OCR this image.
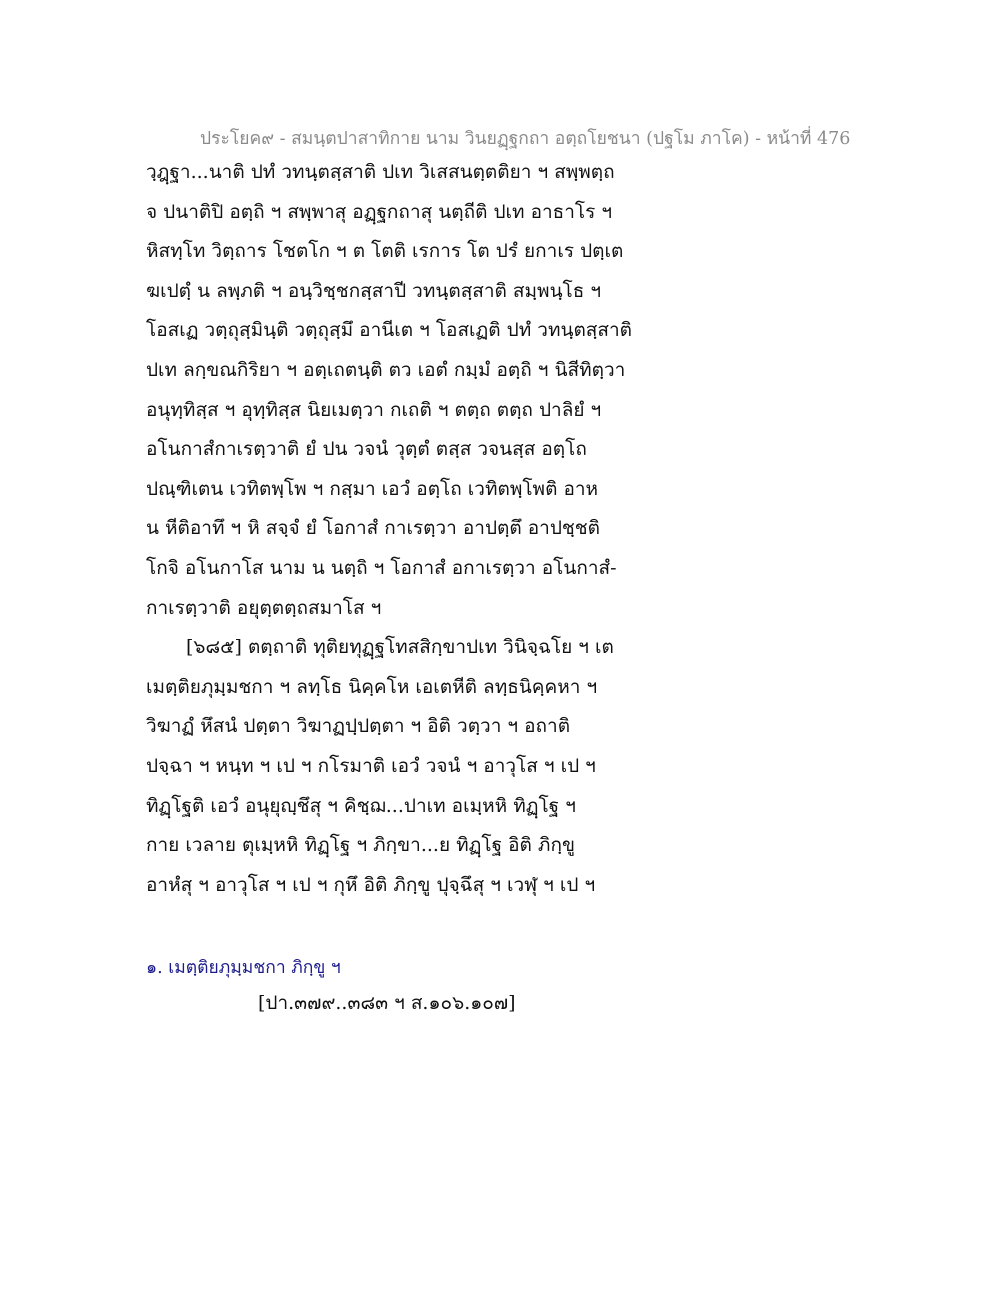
ประโยค๙ - สมนฺตปาสาทิกาย นาม วินยฏฺฐกถา อตฺถโยชนา (ปฐโม ภาโค) - หน้าที่ 476
วฺฎฺฐา...นาติ ปทํ วทนฺตสฺสาติ ปเท วิเสสนตฺตติยา ฯ สพฺพตฺถ
จ ปนาติปิ อตฺถิ ฯ สพฺพาสุ อฏฺฐกถาสุ นตฺถีติ ปเท อาธาโร ฯ
หิสทฺโท วิตฺถาร โชตโก ฯ ต โตติ เรการ โต ปรํ ยกาเร ปตฺเต
ฆเปตฺํ น ลพฺภติ ฯ อนฺวิชฺชกสฺสาปี วทนฺตสฺสาติ สมฺพนฺโธ ฯ
โอสเฏ วตฺถุสฺมินฺติ วตฺถุสฺมึ อานีเต ฯ โอสเฏติ ปทํ วทนฺตสฺสาติ
ปเท ลกฺขณกิริยา ฯ อตฺเถตนฺติ ตว เอตํ กมฺมํ อตฺถิ ฯ นิสีทิตฺวา
อนุทฺทิสฺส ฯ อุทฺทิสฺส นิยเมตฺวา กเถติ ฯ ตตฺถ ตตฺถ ปาลิยํ ฯ
อโนกาสํกาเรตฺวาติ ยํ ปน วจนํ วุตฺตํ ตสฺส วจนสฺส อตฺโถ
ปณฺฑิเตน เวทิตพฺโพ ฯ กสฺมา เอวํ อตฺโถ เวทิตพฺโพติ อาห
น หีติอาทึ ฯ หิ สจฺจํ ยํ โอกาสํ กาเรตฺวา อาปตฺตึ อาปชฺชติ
โกจิ อโนกาโส นาม น นตฺถิ ฯ โอกาสํ อกาเรตฺวา อโนกาสํ-
กาเรตฺวาติ อยุตฺตตฺถสมาโส ฯ
[๖๘๕] ตตฺถาติ ทุติยทุฏฺฐโทสสิกฺขาปเท วินิจฺฉโย ฯ เต
เมตฺติยภุมฺมชกา ฯ ลทฺโธ นิคฺคโห เอเตหีติ ลทฺธนิคฺคหา ฯ
วิฆาฏํ หึสนํ ปตฺตา วิฆาฏปฺปตฺตา ฯ อิติ วตฺวา ฯ อถาติ
ปจฺฉา ฯ หนฺท ฯ เป ฯ กโรมาติ เอวํ วจนํ ฯ อาวุโส ฯ เป ฯ
ทิฏฺโฐติ เอวํ อนุยุญฺชึสุ ฯ คิชฺฌ...ปาเท อเมฺหหิ ทิฏฺโฐ ฯ
กาย เวลาย ตุเมฺหหิ ทิฏฺโฐ ฯ ภิกฺขา...ย ทิฏฺโฐ อิติ ภิกฺขู
อาหํสุ ฯ อาวุโส ฯ เป ฯ กุหึ อิติ ภิกฺขู ปุจฺฉึสุ ฯ เวฬุ ฯ เป ฯ
๑. เมตฺติยภุมฺมชกา ภิกฺขู ฯ
[ปา.๓๗๙..๓๘๓ ฯ ส.๑๐๖.๑๐๗]
